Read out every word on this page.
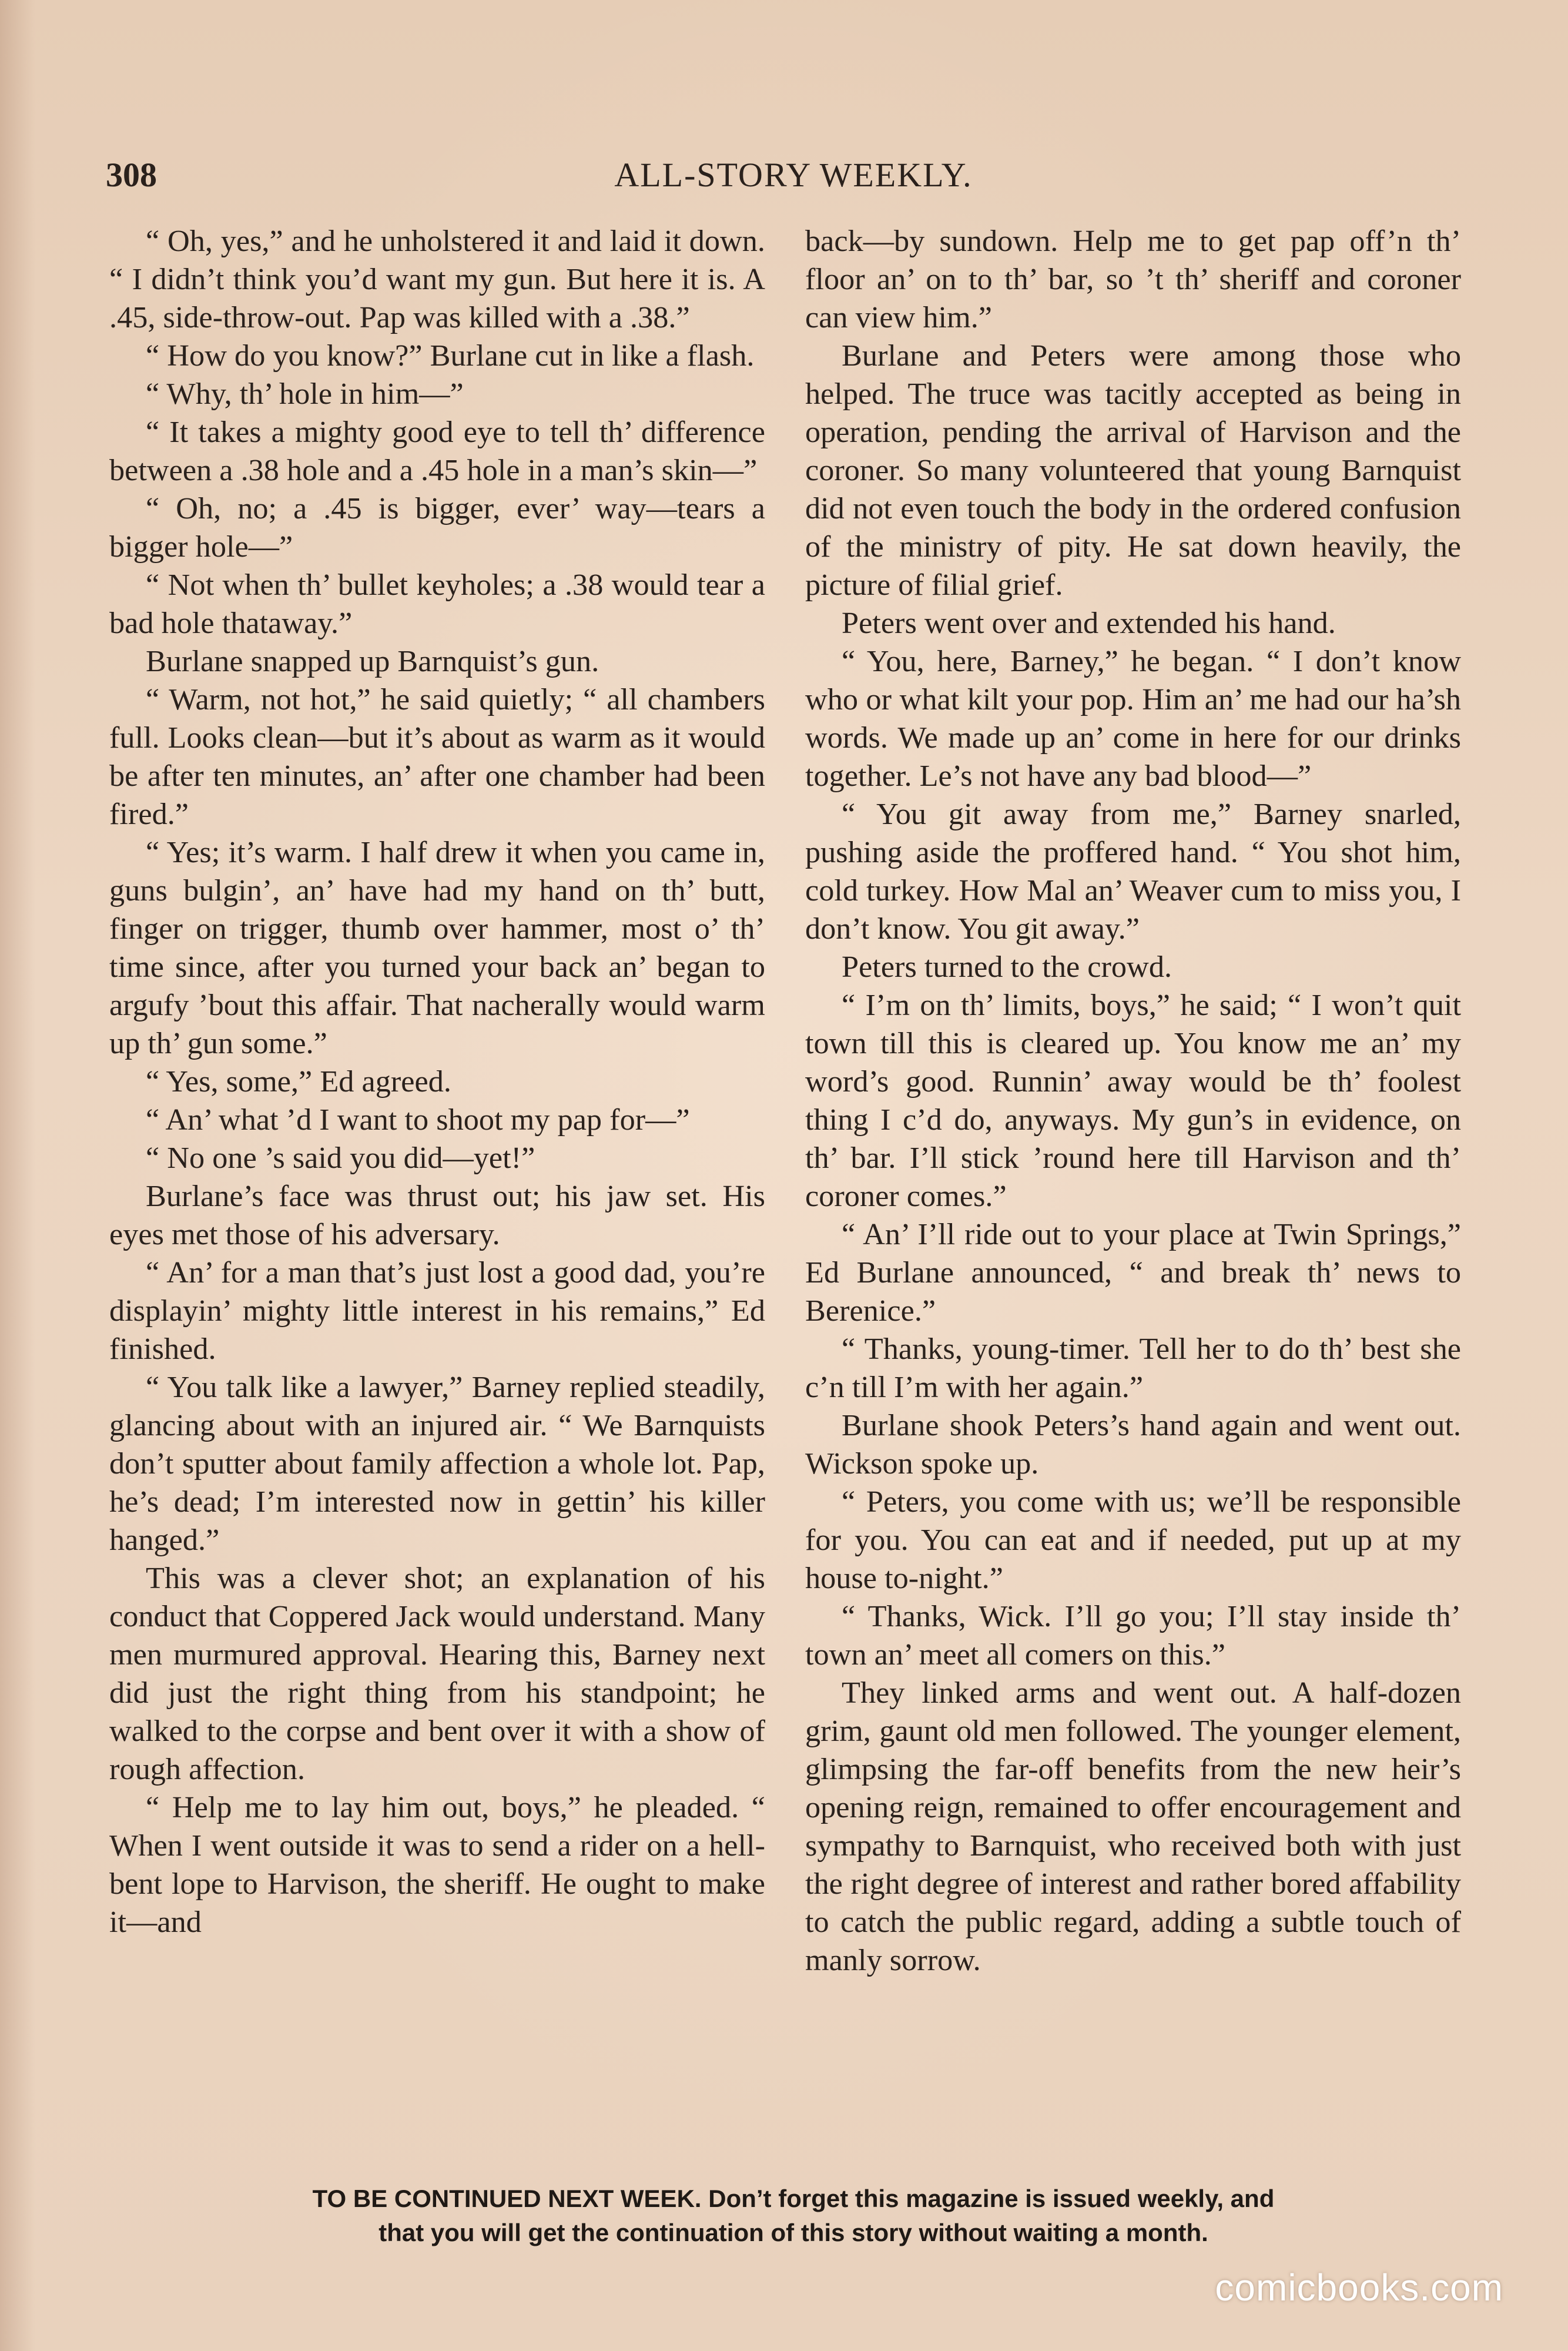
308	ALL-STORY WEEKLY.

“ Oh, yes,” and he unholstered it and laid it down. “ I didn’t think you’d want my gun. But here it is. A .45, side-throw-out. Pap was killed with a .38.”

“ How do you know?” Burlane cut in like a flash.

“ Why, th’ hole in him—”

“ It takes a mighty good eye to tell th’ difference between a .38 hole and a .45 hole in a man’s skin—”

“ Oh, no; a .45 is bigger, ever’ way—tears a bigger hole—”

“ Not when th’ bullet keyholes; a .38 would tear a bad hole thataway.”

Burlane snapped up Barnquist’s gun.

“ Warm, not hot,” he said quietly; “ all chambers full. Looks clean—but it’s about as warm as it would be after ten minutes, an’ after one chamber had been fired.”

“ Yes; it’s warm. I half drew it when you came in, guns bulgin’, an’ have had my hand on th’ butt, finger on trigger, thumb over hammer, most o’ th’ time since, after you turned your back an’ began to argufy ’bout this affair. That nacherally would warm up th’ gun some.”

“ Yes, some,” Ed agreed.

“ An’ what ’d I want to shoot my pap for—”

“ No one ’s said you did—yet!”

Burlane’s face was thrust out; his jaw set. His eyes met those of his adversary.

“ An’ for a man that’s just lost a good dad, you’re displayin’ mighty little interest in his remains,” Ed finished.

“ You talk like a lawyer,” Barney replied steadily, glancing about with an injured air. “ We Barnquists don’t sputter about family affection a whole lot. Pap, he’s dead; I’m interested now in gettin’ his killer hanged.”

This was a clever shot; an explanation of his conduct that Coppered Jack would understand. Many men murmured approval. Hearing this, Barney next did just the right thing from his standpoint; he walked to the corpse and bent over it with a show of rough affection.

“ Help me to lay him out, boys,” he pleaded. “ When I went outside it was to send a rider on a hell-bent lope to Harvison, the sheriff. He ought to make it—and

back—by sundown. Help me to get pap off’n th’ floor an’ on to th’ bar, so ’t th’ sheriff and coroner can view him.”

Burlane and Peters were among those who helped. The truce was tacitly accepted as being in operation, pending the arrival of Harvison and the coroner. So many volunteered that young Barnquist did not even touch the body in the ordered confusion of the ministry of pity. He sat down heavily, the picture of filial grief.

Peters went over and extended his hand.

“ You, here, Barney,” he began. “ I don’t know who or what kilt your pop. Him an’ me had our ha’sh words. We made up an’ come in here for our drinks together. Le’s not have any bad blood—”

“ You git away from me,” Barney snarled, pushing aside the proffered hand. “ You shot him, cold turkey. How Mal an’ Weaver cum to miss you, I don’t know. You git away.”

Peters turned to the crowd.

“ I’m on th’ limits, boys,” he said; “ I won’t quit town till this is cleared up. You know me an’ my word’s good. Runnin’ away would be th’ foolest thing I c’d do, anyways. My gun’s in evidence, on th’ bar. I’ll stick ’round here till Harvison and th’ coroner comes.”

“ An’ I’ll ride out to your place at Twin Springs,” Ed Burlane announced, “ and break th’ news to Berenice.”

“ Thanks, young-timer. Tell her to do th’ best she c’n till I’m with her again.”

Burlane shook Peters’s hand again and went out. Wickson spoke up.

“ Peters, you come with us; we’ll be responsible for you. You can eat and if needed, put up at my house to-night.”

“ Thanks, Wick. I’ll go you; I’ll stay inside th’ town an’ meet all comers on this.”

They linked arms and went out. A half-dozen grim, gaunt old men followed. The younger element, glimpsing the far-off benefits from the new heir’s opening reign, remained to offer encouragement and sympathy to Barnquist, who received both with just the right degree of interest and rather bored affability to catch the public regard, adding a subtle touch of manly sorrow.

TO BE CONTINUED NEXT WEEK. Don’t forget this magazine is issued weekly, and
that you will get the continuation of this story without waiting a month.
comicbooks.com
